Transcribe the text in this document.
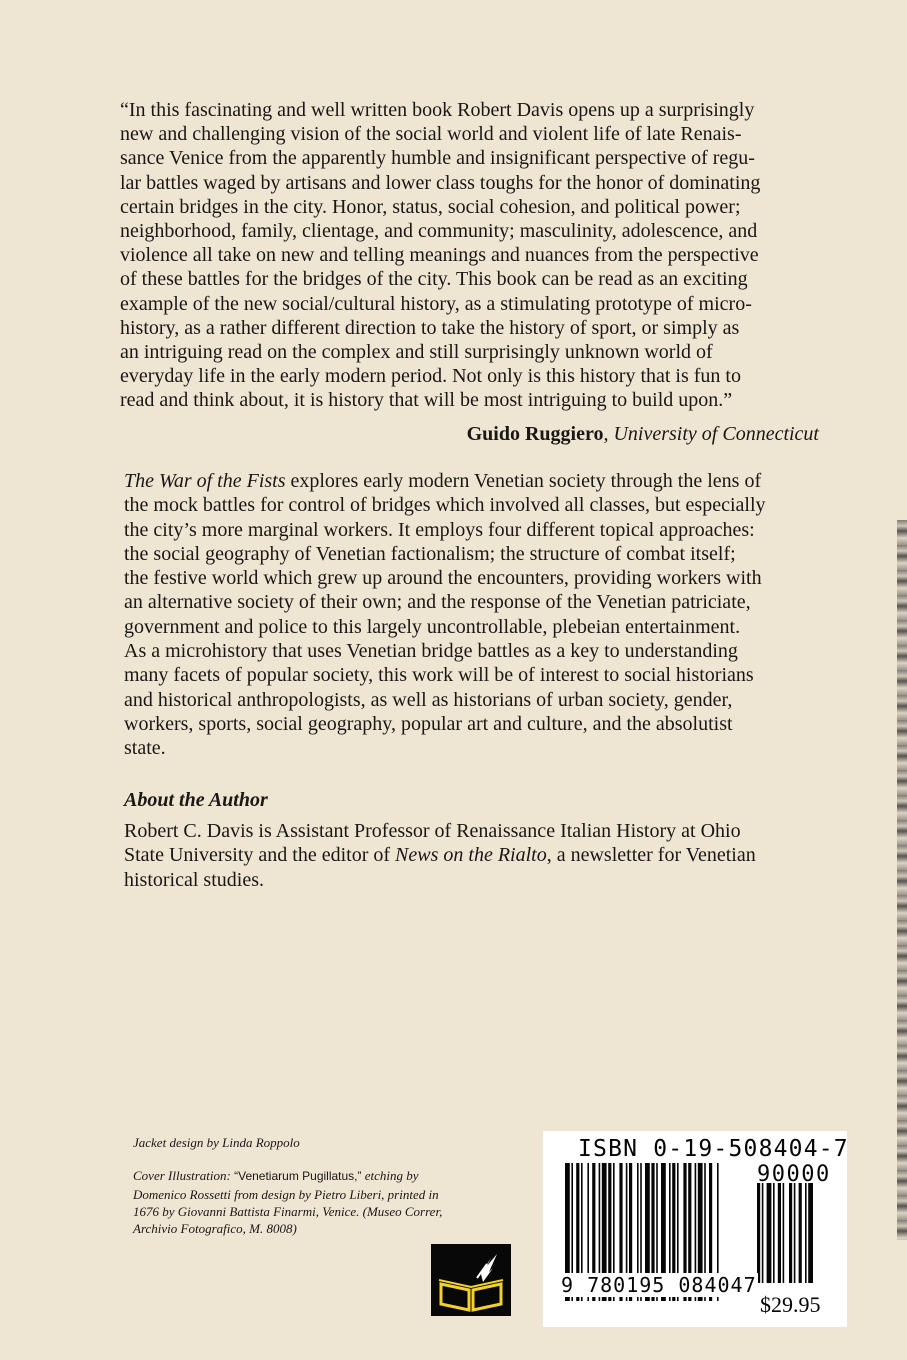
“In this fascinating and well written book Robert Davis opens up a surprisingly

new and challenging vision of the social world and violent life of late Renais-

sance Venice from the apparently humble and insignificant perspective of regu-

lar battles waged by artisans and lower class toughs for the honor of dominating

certain bridges in the city. Honor, status, social cohesion, and political power;

neighborhood, family, clientage, and community; masculinity, adolescence, and

violence all take on new and telling meanings and nuances from the perspective

of these battles for the bridges of the city. This book can be read as an exciting

example of the new social/cultural history, as a stimulating prototype of micro-

history, as a rather different direction to take the history of sport, or simply as

an intriguing read on the complex and still surprisingly unknown world of

everyday life in the early modern period. Not only is this history that is fun to

read and think about, it is history that will be most intriguing to build upon.”

Guido Ruggiero, University of Connecticut

The War of the Fists explores early modern Venetian society through the lens of

the mock battles for control of bridges which involved all classes, but especially

the city’s more marginal workers. It employs four different topical approaches:

the social geography of Venetian factionalism; the structure of combat itself;

the festive world which grew up around the encounters, providing workers with

an alternative society of their own; and the response of the Venetian patriciate,

government and police to this largely uncontrollable, plebeian entertainment.

As a microhistory that uses Venetian bridge battles as a key to understanding

many facets of popular society, this work will be of interest to social historians

and historical anthropologists, as well as historians of urban society, gender,

workers, sports, social geography, popular art and culture, and the absolutist

state.

About the Author

Robert C. Davis is Assistant Professor of Renaissance Italian History at Ohio

State University and the editor of News on the Rialto, a newsletter for Venetian

historical studies.

Jacket design by Linda Roppolo

Cover Illustration: “Venetiarum Pugillatus,” etching by

Domenico Rossetti from design by Pietro Liberi, printed in

1676 by Giovanni Battista Finarmi, Venice. (Museo Correr,

Archivio Fotografico, M. 8008)

ISBN 0-19-508404-7
90000
9 780195 084047
$29.95
